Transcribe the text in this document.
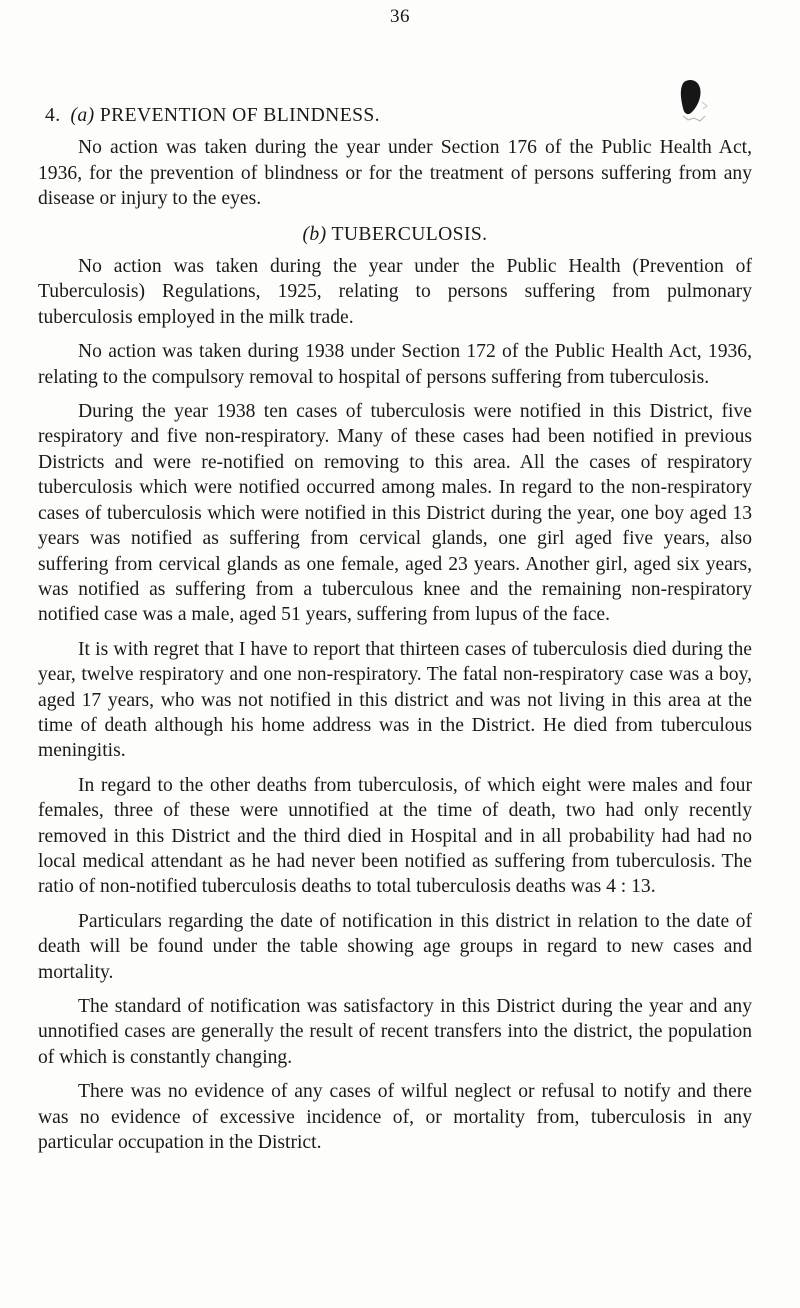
36
4. (a) PREVENTION OF BLINDNESS.

No action was taken during the year under Section 176 of the Public Health Act, 1936, for the prevention of blindness or for the treatment of persons suffering from any disease or injury to the eyes.

(b) TUBERCULOSIS.

No action was taken during the year under the Public Health (Prevention of Tuberculosis) Regulations, 1925, relating to persons suffering from pulmonary tuberculosis employed in the milk trade.

No action was taken during 1938 under Section 172 of the Public Health Act, 1936, relating to the compulsory removal to hospital of persons suffering from tuberculosis.

During the year 1938 ten cases of tuberculosis were notified in this District, five respiratory and five non-respiratory. Many of these cases had been notified in previous Districts and were re-notified on removing to this area. All the cases of respiratory tuberculosis which were notified occurred among males. In regard to the non-respiratory cases of tuberculosis which were notified in this District during the year, one boy aged 13 years was notified as suffering from cervical glands, one girl aged five years, also suffering from cervical glands as one female, aged 23 years. Another girl, aged six years, was notified as suffering from a tuberculous knee and the remaining non-respiratory notified case was a male, aged 51 years, suffering from lupus of the face.

It is with regret that I have to report that thirteen cases of tuberculosis died during the year, twelve respiratory and one non-respiratory. The fatal non-respiratory case was a boy, aged 17 years, who was not notified in this district and was not living in this area at the time of death although his home address was in the District. He died from tuberculous meningitis.

In regard to the other deaths from tuberculosis, of which eight were males and four females, three of these were unnotified at the time of death, two had only recently removed in this District and the third died in Hospital and in all probability had had no local medical attendant as he had never been notified as suffering from tuberculosis. The ratio of non-notified tuberculosis deaths to total tuberculosis deaths was 4 : 13.

Particulars regarding the date of notification in this district in relation to the date of death will be found under the table showing age groups in regard to new cases and mortality.

The standard of notification was satisfactory in this District during the year and any unnotified cases are generally the result of recent transfers into the district, the population of which is constantly changing.

There was no evidence of any cases of wilful neglect or refusal to notify and there was no evidence of excessive incidence of, or mortality from, tuberculosis in any particular occupation in the District.
